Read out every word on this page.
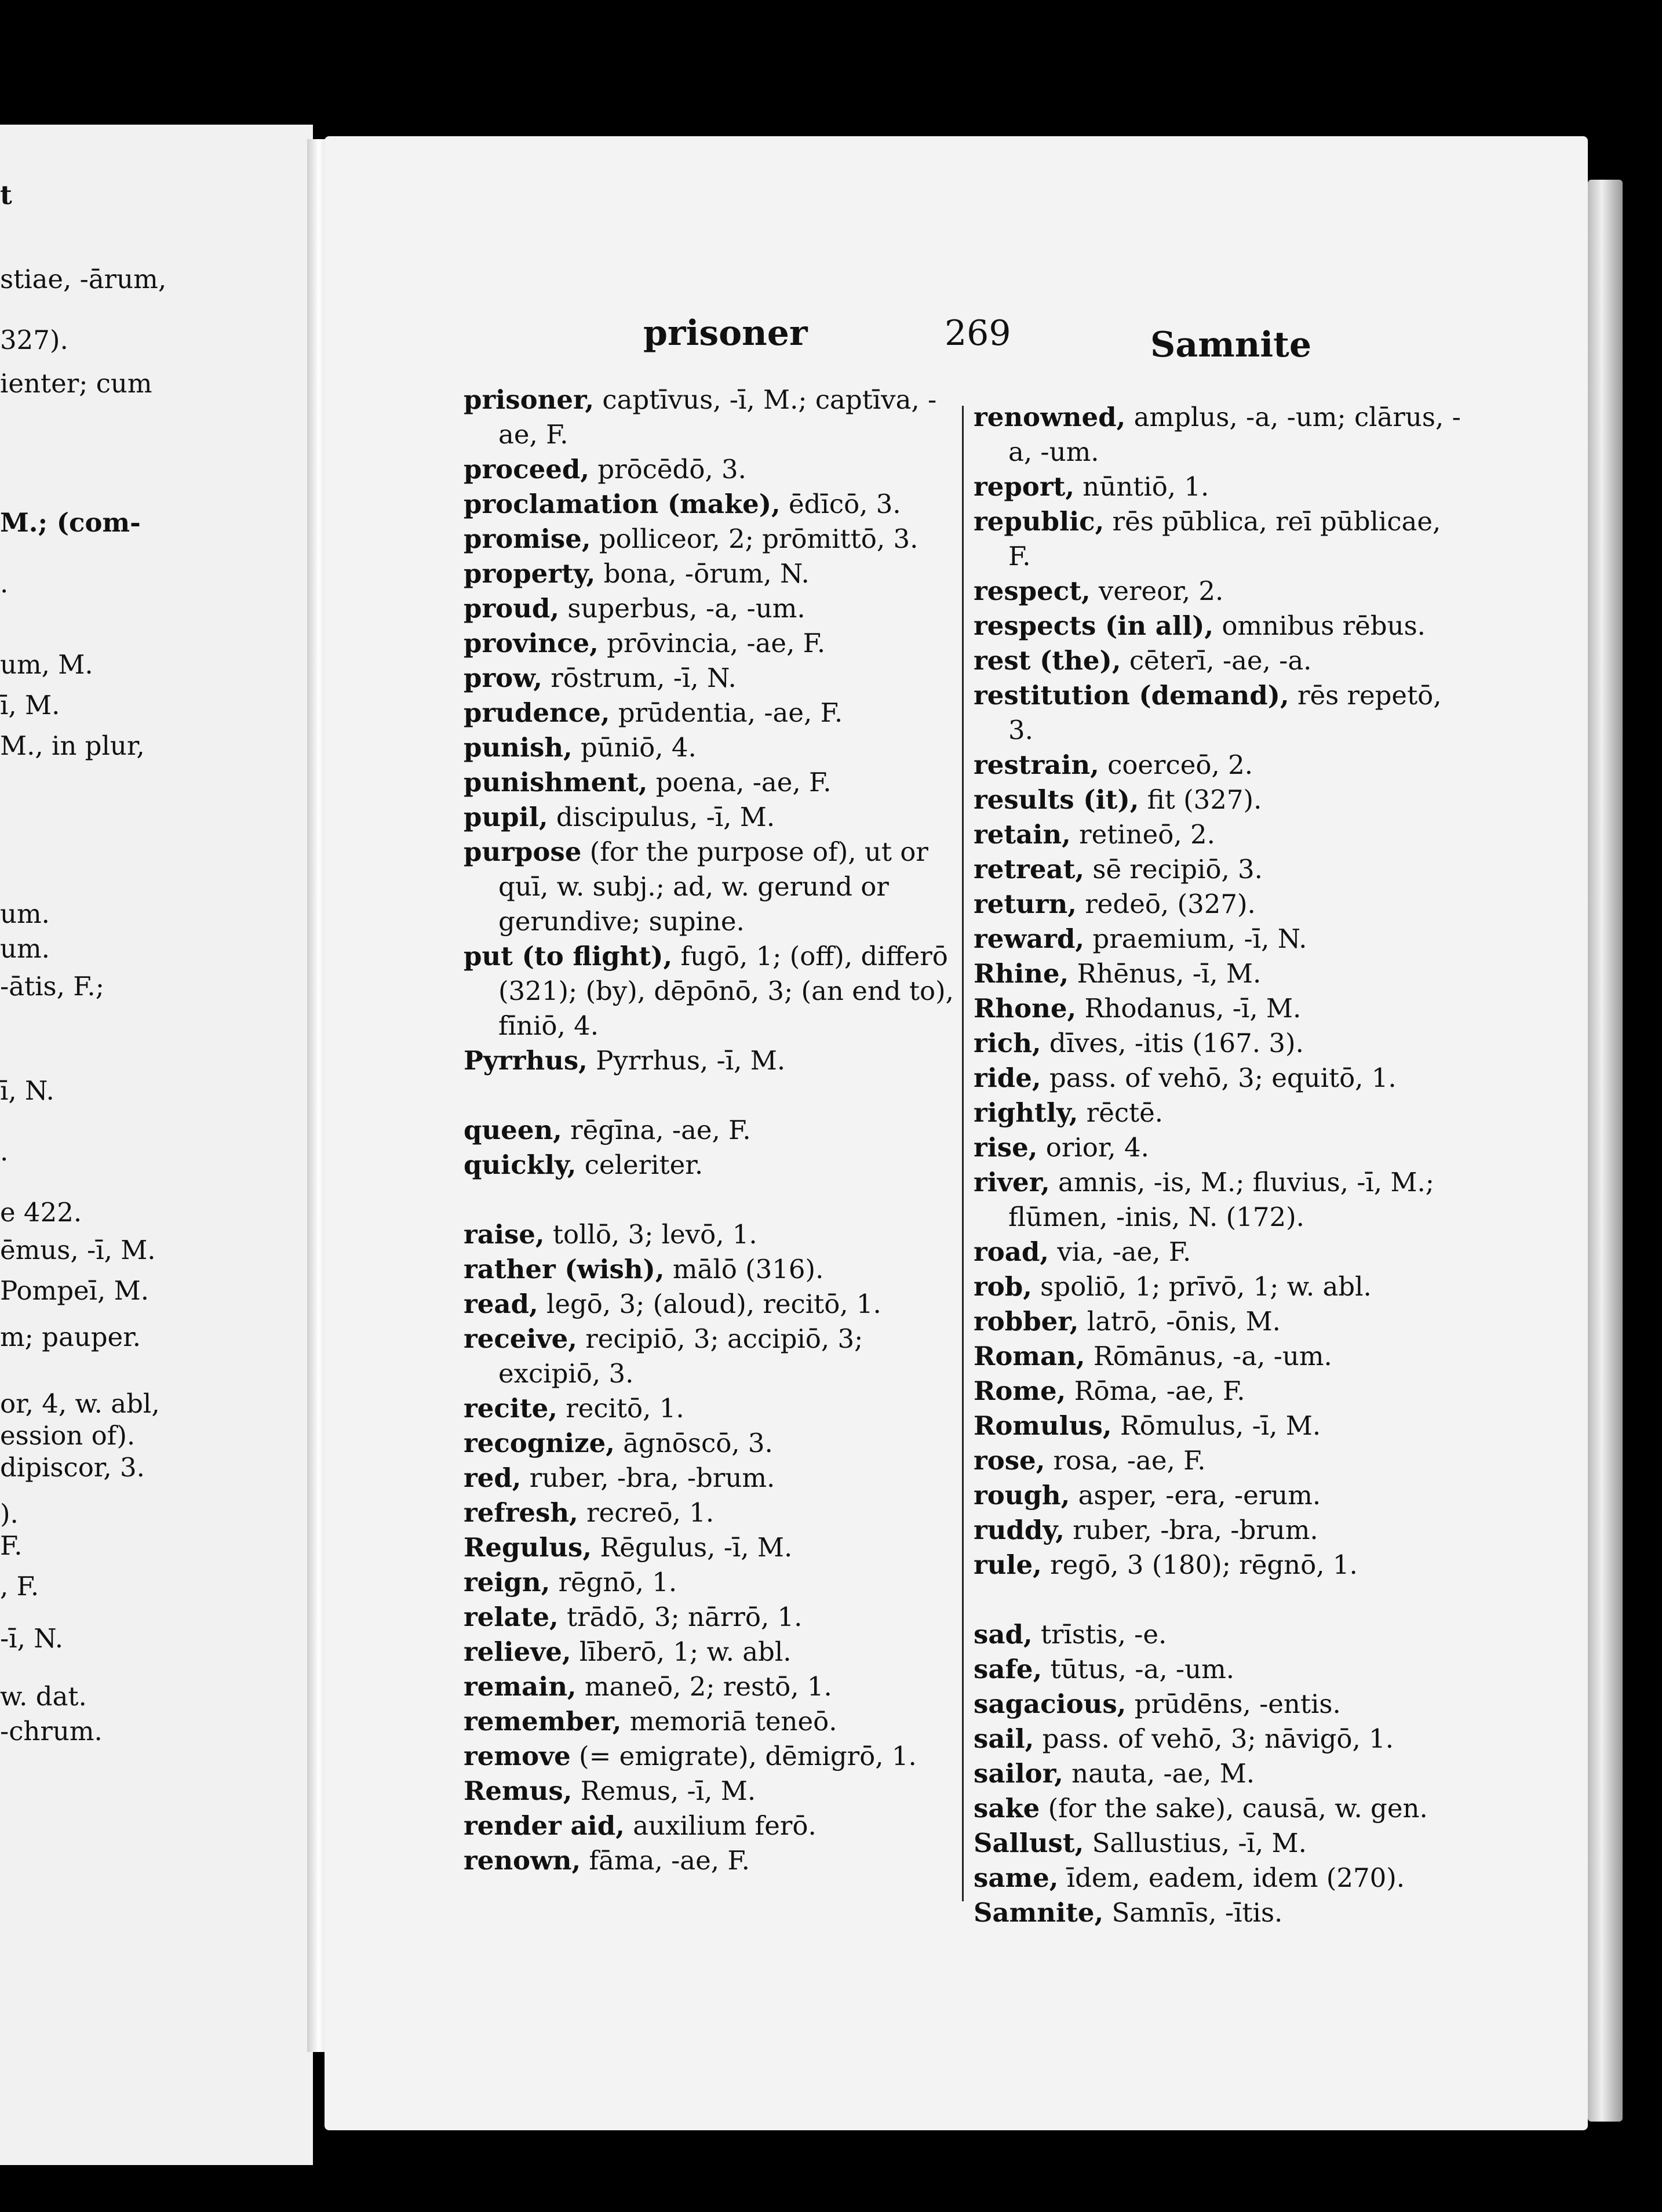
t
stiae, -ārum,
327).
ienter; cum
M.; (com-
.
um, M.
ī, M.
M., in plur,
um.
um.
-ātis, F.;
ī, N.
.
e 422.
ēmus, -ī, M.
Pompeī, M.
m; pauper.
or, 4, w. abl,
ession of).
dipiscor, 3.
).
F.
, F.
-ī, N.
w. dat.
-chrum.
prisoner	269	Samnite
prisoner, captīvus, -ī, M.; captīva, -ae, F.
proceed, prōcēdō, 3.
proclamation (make), ēdīcō, 3.
promise, polliceor, 2; prōmittō, 3.
property, bona, -ōrum, N.
proud, superbus, -a, -um.
province, prōvincia, -ae, F.
prow, rōstrum, -ī, N.
prudence, prūdentia, -ae, F.
punish, pūniō, 4.
punishment, poena, -ae, F.
pupil, discipulus, -ī, M.
purpose (for the purpose of), ut or quī, w. subj.; ad, w. gerund or gerundive; supine.
put (to flight), fugō, 1; (off), differō (321); (by), dēpōnō, 3; (an end to), fīniō, 4.
Pyrrhus, Pyrrhus, -ī, M.
queen, rēgīna, -ae, F.
quickly, celeriter.
raise, tollō, 3; levō, 1.
rather (wish), mālō (316).
read, legō, 3; (aloud), recitō, 1.
receive, recipiō, 3; accipiō, 3; excipiō, 3.
recite, recitō, 1.
recognize, āgnōscō, 3.
red, ruber, -bra, -brum.
refresh, recreō, 1.
Regulus, Rēgulus, -ī, M.
reign, rēgnō, 1.
relate, trādō, 3; nārrō, 1.
relieve, līberō, 1; w. abl.
remain, maneō, 2; restō, 1.
remember, memoriā teneō.
remove (= emigrate), dēmigrō, 1.
Remus, Remus, -ī, M.
render aid, auxilium ferō.
renown, fāma, -ae, F.
renowned, amplus, -a, -um; clārus, -a, -um.
report, nūntiō, 1.
republic, rēs pūblica, reī pūblicae, F.
respect, vereor, 2.
respects (in all), omnibus rēbus.
rest (the), cēterī, -ae, -a.
restitution (demand), rēs repetō, 3.
restrain, coerceō, 2.
results (it), fit (327).
retain, retineō, 2.
retreat, sē recipiō, 3.
return, redeō, (327).
reward, praemium, -ī, N.
Rhine, Rhēnus, -ī, M.
Rhone, Rhodanus, -ī, M.
rich, dīves, -itis (167. 3).
ride, pass. of vehō, 3; equitō, 1.
rightly, rēctē.
rise, orior, 4.
river, amnis, -is, M.; fluvius, -ī, M.; flūmen, -inis, N. (172).
road, via, -ae, F.
rob, spoliō, 1; prīvō, 1; w. abl.
robber, latrō, -ōnis, M.
Roman, Rōmānus, -a, -um.
Rome, Rōma, -ae, F.
Romulus, Rōmulus, -ī, M.
rose, rosa, -ae, F.
rough, asper, -era, -erum.
ruddy, ruber, -bra, -brum.
rule, regō, 3 (180); rēgnō, 1.
sad, trīstis, -e.
safe, tūtus, -a, -um.
sagacious, prūdēns, -entis.
sail, pass. of vehō, 3; nāvigō, 1.
sailor, nauta, -ae, M.
sake (for the sake), causā, w. gen.
Sallust, Sallustius, -ī, M.
same, īdem, eadem, idem (270).
Samnite, Samnīs, -ītis.
